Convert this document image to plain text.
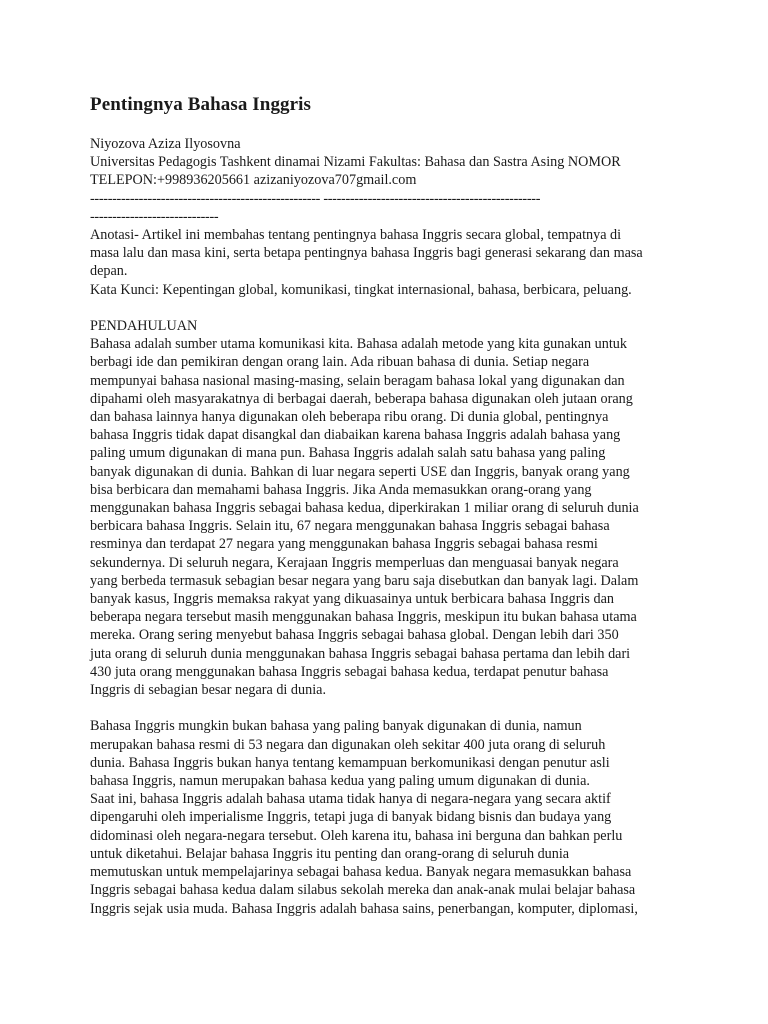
Pentingnya Bahasa Inggris
Niyozova Aziza Ilyosovna
Universitas Pedagogis Tashkent dinamai Nizami Fakultas: Bahasa dan Sastra Asing NOMOR
TELEPON:+998936205661 azizaniyozova707gmail.com
---------------------------------------------------- -------------------------------------------------
-----------------------------
Anotasi- Artikel ini membahas tentang pentingnya bahasa Inggris secara global, tempatnya di
masa lalu dan masa kini, serta betapa pentingnya bahasa Inggris bagi generasi sekarang dan masa
depan.
Kata Kunci: Kepentingan global, komunikasi, tingkat internasional, bahasa, berbicara, peluang.
PENDAHULUAN
Bahasa adalah sumber utama komunikasi kita. Bahasa adalah metode yang kita gunakan untuk
berbagi ide dan pemikiran dengan orang lain. Ada ribuan bahasa di dunia. Setiap negara
mempunyai bahasa nasional masing-masing, selain beragam bahasa lokal yang digunakan dan
dipahami oleh masyarakatnya di berbagai daerah, beberapa bahasa digunakan oleh jutaan orang
dan bahasa lainnya hanya digunakan oleh beberapa ribu orang. Di dunia global, pentingnya
bahasa Inggris tidak dapat disangkal dan diabaikan karena bahasa Inggris adalah bahasa yang
paling umum digunakan di mana pun. Bahasa Inggris adalah salah satu bahasa yang paling
banyak digunakan di dunia. Bahkan di luar negara seperti USE dan Inggris, banyak orang yang
bisa berbicara dan memahami bahasa Inggris. Jika Anda memasukkan orang-orang yang
menggunakan bahasa Inggris sebagai bahasa kedua, diperkirakan 1 miliar orang di seluruh dunia
berbicara bahasa Inggris. Selain itu, 67 negara menggunakan bahasa Inggris sebagai bahasa
resminya dan terdapat 27 negara yang menggunakan bahasa Inggris sebagai bahasa resmi
sekundernya. Di seluruh negara, Kerajaan Inggris memperluas dan menguasai banyak negara
yang berbeda termasuk sebagian besar negara yang baru saja disebutkan dan banyak lagi. Dalam
banyak kasus, Inggris memaksa rakyat yang dikuasainya untuk berbicara bahasa Inggris dan
beberapa negara tersebut masih menggunakan bahasa Inggris, meskipun itu bukan bahasa utama
mereka. Orang sering menyebut bahasa Inggris sebagai bahasa global. Dengan lebih dari 350
juta orang di seluruh dunia menggunakan bahasa Inggris sebagai bahasa pertama dan lebih dari
430 juta orang menggunakan bahasa Inggris sebagai bahasa kedua, terdapat penutur bahasa
Inggris di sebagian besar negara di dunia.
Bahasa Inggris mungkin bukan bahasa yang paling banyak digunakan di dunia, namun
merupakan bahasa resmi di 53 negara dan digunakan oleh sekitar 400 juta orang di seluruh
dunia. Bahasa Inggris bukan hanya tentang kemampuan berkomunikasi dengan penutur asli
bahasa Inggris, namun merupakan bahasa kedua yang paling umum digunakan di dunia.
Saat ini, bahasa Inggris adalah bahasa utama tidak hanya di negara-negara yang secara aktif
dipengaruhi oleh imperialisme Inggris, tetapi juga di banyak bidang bisnis dan budaya yang
didominasi oleh negara-negara tersebut. Oleh karena itu, bahasa ini berguna dan bahkan perlu
untuk diketahui. Belajar bahasa Inggris itu penting dan orang-orang di seluruh dunia
memutuskan untuk mempelajarinya sebagai bahasa kedua. Banyak negara memasukkan bahasa
Inggris sebagai bahasa kedua dalam silabus sekolah mereka dan anak-anak mulai belajar bahasa
Inggris sejak usia muda. Bahasa Inggris adalah bahasa sains, penerbangan, komputer, diplomasi,
